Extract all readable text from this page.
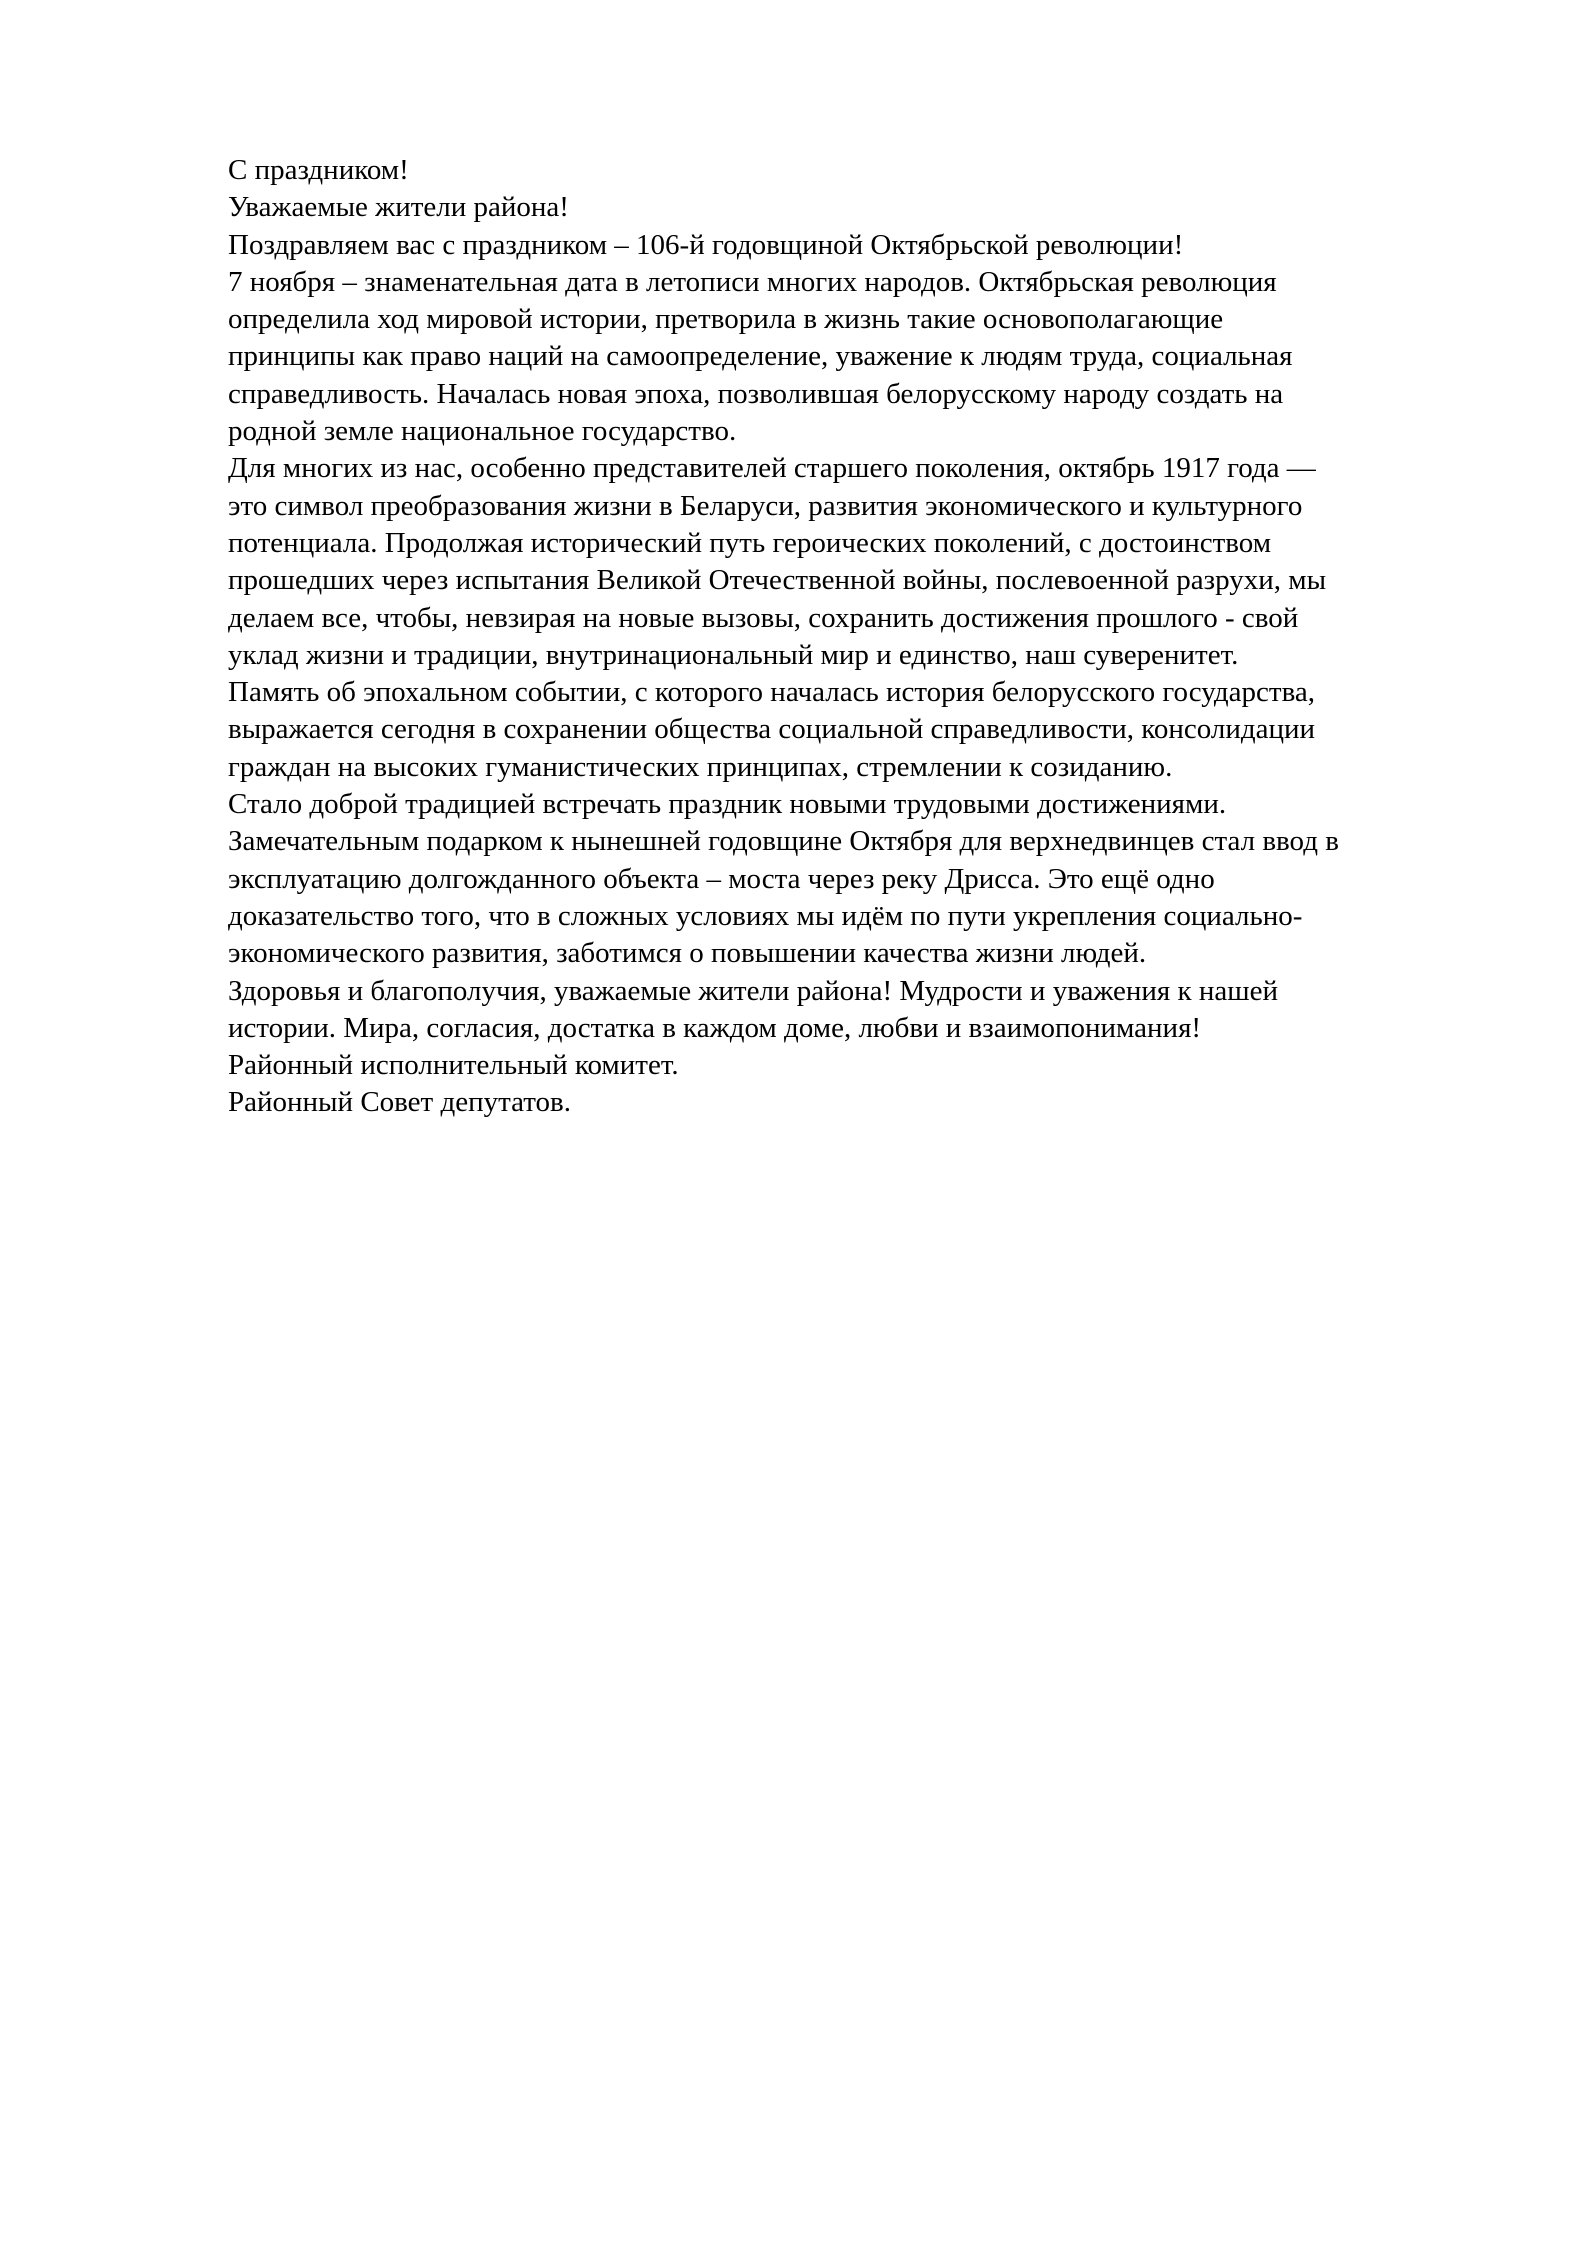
С праздником!

Уважаемые жители района!

Поздравляем вас с праздником – 106-й годовщиной Октябрьской революции!

7 ноября – знаменательная дата в летописи многих народов. Октябрьская революция

определила ход мировой истории, претворила в жизнь такие основополагающие

принципы как право наций на самоопределение, уважение к людям труда, социальная

справедливость. Началась новая эпоха, позволившая белорусскому народу создать на

родной земле национальное государство.

Для многих из нас, особенно представителей старшего поколения, октябрь 1917 года —

это символ преобразования жизни в Беларуси, развития экономического и культурного

потенциала. Продолжая исторический путь героических поколений, с достоинством

прошедших через испытания Великой Отечественной войны, послевоенной разрухи, мы

делаем все, чтобы, невзирая на новые вызовы, сохранить достижения прошлого - свой

уклад жизни и традиции, внутринациональный мир и единство, наш суверенитет.

Память об эпохальном событии, с которого началась история белорусского государства,

выражается сегодня в сохранении общества социальной справедливости, консолидации

граждан на высоких гуманистических принципах, стремлении к созиданию.

Стало доброй традицией встречать праздник новыми трудовыми достижениями.

Замечательным подарком к нынешней годовщине Октября для верхнедвинцев стал ввод в

эксплуатацию долгожданного объекта – моста через реку Дрисса. Это ещё одно

доказательство того, что в сложных условиях мы идём по пути укрепления социально-

экономического развития, заботимся о повышении качества жизни людей.

Здоровья и благополучия, уважаемые жители района! Мудрости и уважения к нашей

истории. Мира, согласия, достатка в каждом доме, любви и взаимопонимания!

Районный исполнительный комитет.

Районный Совет депутатов.
